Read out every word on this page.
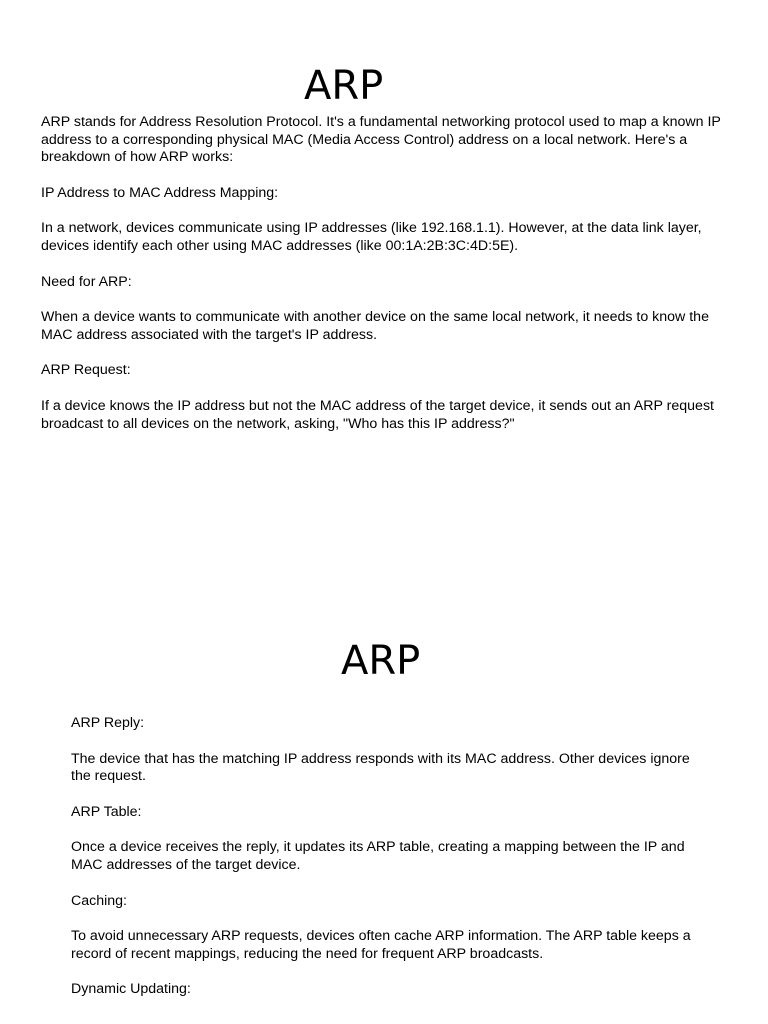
ARP

ARP stands for Address Resolution Protocol. It's a fundamental networking protocol used to map a known IP address to a corresponding physical MAC (Media Access Control) address on a local network. Here's a breakdown of how ARP works:

IP Address to MAC Address Mapping:

In a network, devices communicate using IP addresses (like 192.168.1.1). However, at the data link layer, devices identify each other using MAC addresses (like 00:1A:2B:3C:4D:5E).

Need for ARP:

When a device wants to communicate with another device on the same local network, it needs to know the MAC address associated with the target's IP address.

ARP Request:

If a device knows the IP address but not the MAC address of the target device, it sends out an ARP request broadcast to all devices on the network, asking, "Who has this IP address?"

ARP

ARP Reply:

The device that has the matching IP address responds with its MAC address. Other devices ignore the request.

ARP Table:

Once a device receives the reply, it updates its ARP table, creating a mapping between the IP and MAC addresses of the target device.

Caching:

To avoid unnecessary ARP requests, devices often cache ARP information. The ARP table keeps a record of recent mappings, reducing the need for frequent ARP broadcasts.

Dynamic Updating:
